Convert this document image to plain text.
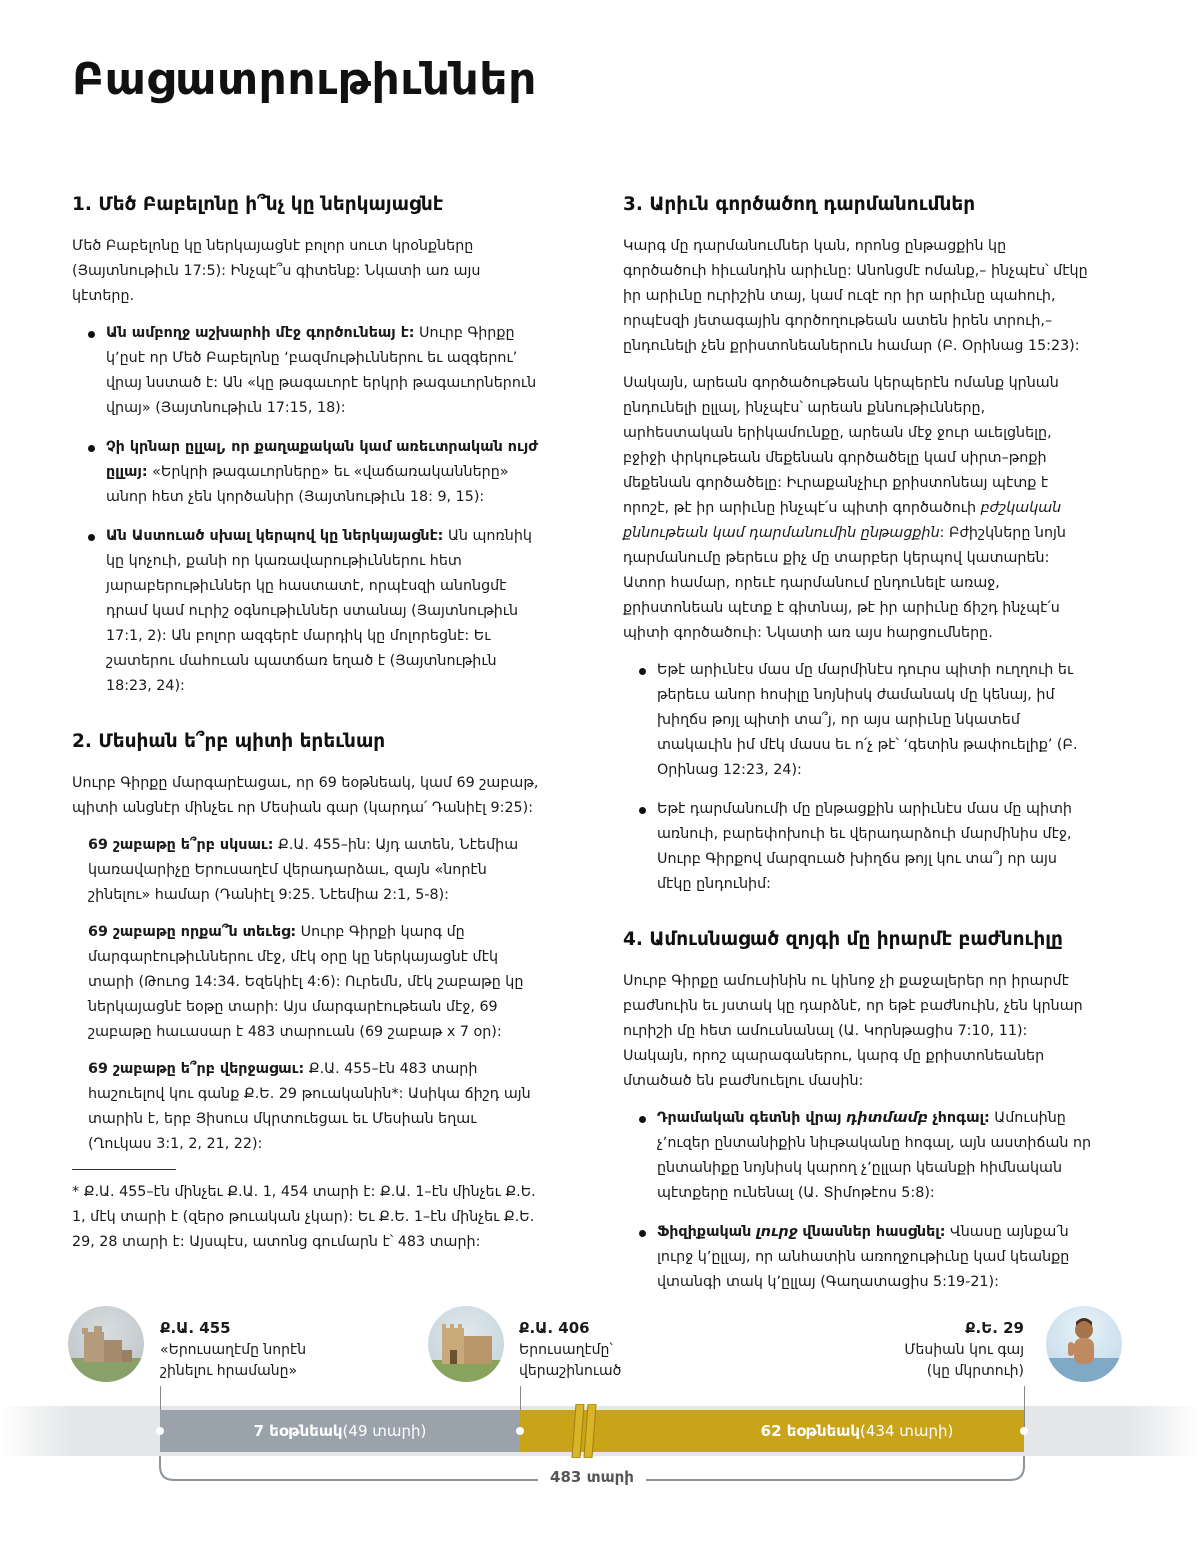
Բացատրութիւններ
1. Մեծ Բաբելոնը ի՞նչ կը ներկայացնէ

Մեծ Բաբելոնը կը ներկայացնէ բոլոր սուտ կրօնքները (Յայտնութիւն 17:5): Ինչպէ՞ս գիտենք: Նկատի առ այս կէտերը.

Ան ամբողջ աշխարհի մէջ գործունեայ է: Սուրբ Գիրքը կ՚ըսէ որ Մեծ Բաբելոնը ‘բազմութիւններու եւ ազգերու’ վրայ նստած է: Ան «կը թագաւորէ երկրի թագաւորներուն վրայ» (Յայտնութիւն 17:15, 18):
Չի կրնար ըլլալ, որ քաղաքական կամ առեւտրական ույժ ըլլայ: «Երկրի թագաւորները» եւ «վաճառականները» անոր հետ չեն կործանիր (Յայտնութիւն 18: 9, 15):
Ան Աստուած սխալ կերպով կը ներկայացնէ: Ան պոռնիկ կը կոչուի, քանի որ կառավարութիւններու հետ յարաբերութիւններ կը հաստատէ, որպէսզի անոնցմէ դրամ կամ ուրիշ օգնութիւններ ստանայ (Յայտնութիւն 17:1, 2): Ան բոլոր ազգերէ մարդիկ կը մոլորեցնէ: Եւ շատերու մահուան պատճառ եղած է (Յայտնութիւն 18:23, 24):
2. Մեսիան ե՞րբ պիտի երեւնար

Սուրբ Գիրքը մարգարէացաւ, որ 69 եօթնեակ, կամ 69 շաբաթ, պիտի անցնէր մինչեւ որ Մեսիան գար (կարդա՛ Դանիէլ 9:25):

69 շաբաթը ե՞րբ սկսաւ: Ք.Ա. 455–ին: Այդ ատեն, Նէեմիա կառավարիչը Երուսաղէմ վերադարձաւ, զայն «նորէն շինելու» համար (Դանիէլ 9:25. Նէեմիա 2:1, 5-8):
69 շաբաթը որքա՞ն տեւեց: Սուրբ Գիրքի կարգ մը մարգարէութիւններու մէջ, մէկ օրը կը ներկայացնէ մէկ տարի (Թուոց 14:34. Եզեկիէլ 4:6): Ուրեմն, մէկ շաբաթը կը ներկայացնէ եօթը տարի: Այս մարգարէութեան մէջ, 69 շաբաթը հաւասար է 483 տարուան (69 շաբաթ x 7 օր):
69 շաբաթը ե՞րբ վերջացաւ: Ք.Ա. 455–էն 483 տարի հաշուելով կու գանք Ք.Ե. 29 թուականին*: Ասիկա ճիշդ այն տարին է, երբ Յիսուս մկրտուեցաւ եւ Մեսիան եղաւ (Ղուկաս 3:1, 2, 21, 22):

* Ք.Ա. 455–էն մինչեւ Ք.Ա. 1, 454 տարի է: Ք.Ա. 1–էն մինչեւ Ք.Ե. 1, մէկ տարի է (զերօ թուական չկար): Եւ Ք.Ե. 1–էն մինչեւ Ք.Ե. 29, 28 տարի է: Այսպէս, ատոնց գումարն է՝ 483 տարի:

3. Արիւն գործածող դարմանումներ

Կարգ մը դարմանումներ կան, որոնց ընթացքին կը գործածուի հիւանդին արիւնը: Անոնցմէ ոմանք,– ինչպէս՝ մէկը իր արիւնը ուրիշին տայ, կամ ուզէ որ իր արիւնը պահուի, որպէսզի յետագային գործողութեան ատեն իրեն տրուի,– ընդունելի չեն քրիստոնեաներուն համար (Բ. Օրինաց 15:23):

Սակայն, արեան գործածութեան կերպերէն ոմանք կրնան ընդունելի ըլլալ, ինչպէս՝ արեան քննութիւնները, արհեստական երիկամունքը, արեան մէջ ջուր աւելցնելը, բջիջի փրկութեան մեքենան գործածելը կամ սիրտ–թոքի մեքենան գործածելը: Իւրաքանչիւր քրիստոնեայ պէտք է որոշէ, թէ իր արիւնը ինչպէ՛ս պիտի գործածուի բժշկական քննութեան կամ դարմանումին ընթացքին: Բժիշկները նոյն դարմանումը թերեւս քիչ մը տարբեր կերպով կատարեն: Ատոր համար, որեւէ դարմանում ընդունելէ առաջ, քրիստոնեան պէտք է գիտնայ, թէ իր արիւնը ճիշդ ինչպէ՛ս պիտի գործածուի: Նկատի առ այս հարցումները.

Եթէ արիւնէս մաս մը մարմինէս դուրս պիտի ուղղուի եւ թերեւս անոր հոսիլը նոյնիսկ ժամանակ մը կենայ, իմ խիղճս թոյլ պիտի տա՞յ, որ այս արիւնը նկատեմ տակաւին իմ մէկ մասս եւ ո՛չ թէ՝ ‘գետին թափուելիք’ (Բ. Օրինաց 12:23, 24):
Եթէ դարմանումի մը ընթացքին արիւնէս մաս մը պիտի առնուի, բարեփոխուի եւ վերադարձուի մարմինիս մէջ, Սուրբ Գիրքով մարզուած խիղճս թոյլ կու տա՞յ որ այս մէկը ընդունիմ:
4. Ամուսնացած զոյգի մը իրարմէ բաժնուիլը

Սուրբ Գիրքը ամուսինին ու կինոջ չի քաջալերեր որ իրարմէ բաժնուին եւ յստակ կը դարձնէ, որ եթէ բաժնուին, չեն կրնար ուրիշի մը հետ ամուսնանալ (Ա. Կորնթացիս 7:10, 11): Սակայն, որոշ պարագաներու, կարգ մը քրիստոնեաներ մտածած են բաժնուելու մասին:

Դրամական գետնի վրայ դիտմամբ չհոգալ: Ամուսինը չ՚ուզեր ընտանիքին նիւթականը հոգալ, այն աստիճան որ ընտանիքը նոյնիսկ կարող չ՚ըլլար կեանքի հիմնական պէտքերը ունենալ (Ա. Տիմոթէոս 5:8):
Ֆիզիքական լուրջ վնասներ հասցնել: Վնասը այնքա՛ն լուրջ կ՚ըլլայ, որ անհատին առողջութիւնը կամ կեանքը վտանգի տակ կ՚ըլլայ (Գաղատացիս 5:19-21):
Ք.Ա. 455
«Երուսաղէմը նորէն
շինելու հրամանը»
Ք.Ա. 406
Երուսաղէմը՝
վերաշինուած
Ք.Ե. 29
Մեսիան կու գայ
(կը մկրտուի)
7 եօթնեակ (49 տարի)	62 եօթնեակ (434 տարի)
483 տարի
